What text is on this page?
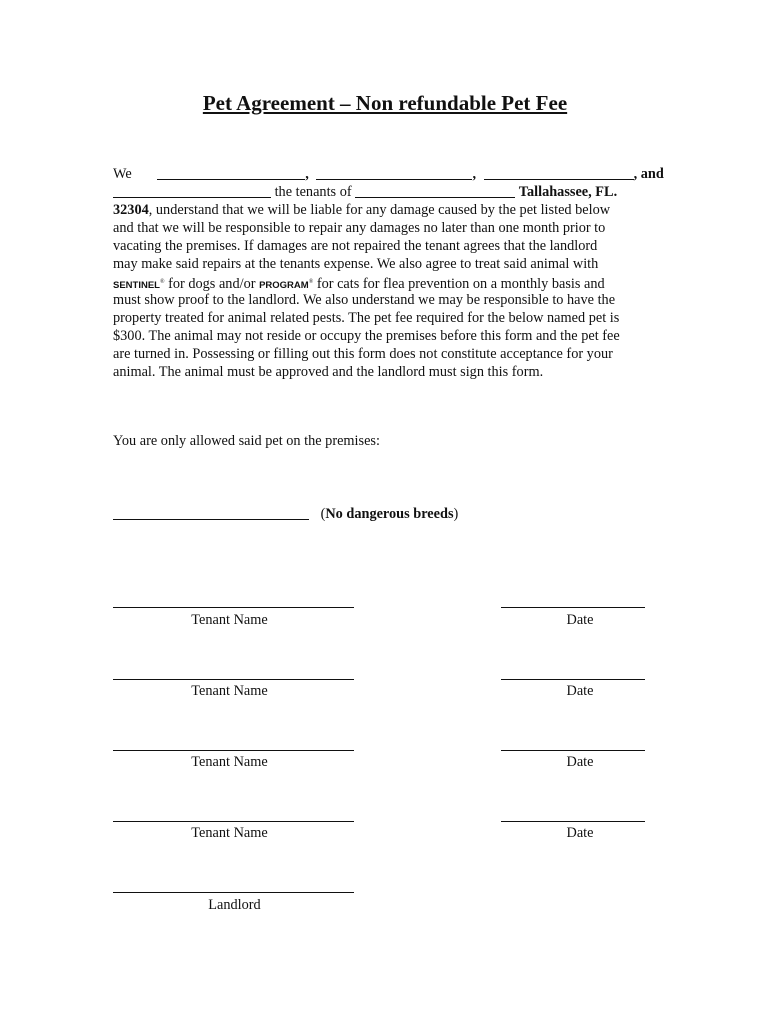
Pet Agreement – Non refundable Pet Fee
We	,	,	, and
the tenants of	Tallahassee, FL.
32304, understand that we will be liable for any damage caused by the pet listed below
and that we will be responsible to repair any damages no later than one month prior to
vacating the premises. If damages are not repaired the tenant agrees that the landlord
may make said repairs at the tenants expense. We also agree to treat said animal with
SENTINEL® for dogs and/or PROGRAM® for cats for flea prevention on a monthly basis and
must show proof to the landlord. We also understand we may be responsible to have the
property treated for animal related pests. The pet fee required for the below named pet is
$300. The animal may not reside or occupy the premises before this form and the pet fee
are turned in. Possessing or filling out this form does not constitute acceptance for your
animal. The animal must be approved and the landlord must sign this form.
You are only allowed said pet on the premises:
(No dangerous breeds)
Tenant Name	Date
Tenant Name	Date
Tenant Name	Date
Tenant Name	Date
Landlord
